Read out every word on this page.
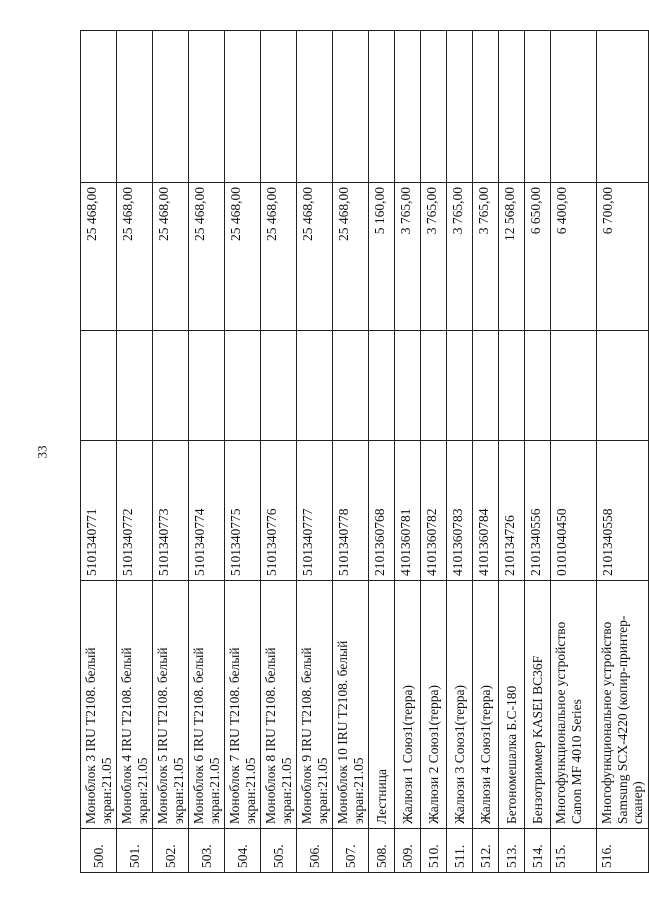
33
500.	Моноблок 3 IRU T2108. белый экран:21.05	5101340771		25 468,00	
501.	Моноблок 4 IRU T2108. белый экран:21.05	5101340772		25 468,00	
502.	Моноблок 5 IRU T2108. белый экран:21.05	5101340773		25 468,00	
503.	Моноблок 6 IRU T2108. белый экран:21.05	5101340774		25 468,00	
504.	Моноблок 7 IRU T2108. белый экран:21.05	5101340775		25 468,00	
505.	Моноблок 8 IRU T2108. белый экран:21.05	5101340776		25 468,00	
506.	Моноблок 9 IRU T2108. белый экран:21.05	5101340777		25 468,00	
507.	Моноблок 10 IRU T2108. белый экран:21.05	5101340778		25 468,00	
508.	Лестница	2101360768		5 160,00	
509.	Жалюзи 1 Союз1(терра)	4101360781		3 765,00	
510.	Жалюзи 2 Союз1(терра)	4101360782		3 765,00	
511.	Жалюзи 3 Союз1(терра)	4101360783		3 765,00	
512.	Жалюзи 4 Союз1(терра)	4101360784		3 765,00	
513.	Бетономешалка Б.С-180	210134726		12 568,00	
514.	Бензотриммер KASEI BC36F	2101340556		6 650,00	
515.	Многофункциональное устройство Canon MF 4010 Series	0101040450		6 400,00	
516.	Многофункциональное устройство Samsung SCX-4220 (копир-принтер-сканер)	2101340558		6 700,00	
